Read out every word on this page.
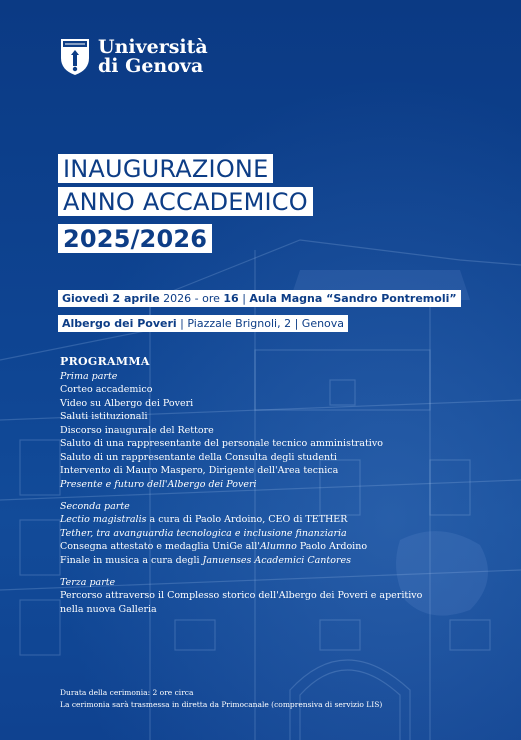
Università
di Genova
INAUGURAZIONE
ANNO ACCADEMICO
2025/2026
Giovedì 2 aprile 2026 - ore 16 | Aula Magna “Sandro Pontremoli”
Albergo dei Poveri | Piazzale Brignoli, 2 | Genova
PROGRAMMA
Prima parte
Corteo accademico
Video su Albergo dei Poveri
Saluti istituzionali
Discorso inaugurale del Rettore
Saluto di una rappresentante del personale tecnico amministrativo
Saluto di un rappresentante della Consulta degli studenti
Intervento di Mauro Maspero, Dirigente dell'Area tecnica
Presente e futuro dell'Albergo dei Poveri
Seconda parte
Lectio magistralis a cura di Paolo Ardoino, CEO di TETHER
Tether, tra avanguardia tecnologica e inclusione finanziaria
Consegna attestato e medaglia UniGe all'Alumno Paolo Ardoino
Finale in musica a cura degli Januenses Academici Cantores
Terza parte
Percorso attraverso il Complesso storico dell'Albergo dei Poveri e aperitivo
nella nuova Galleria
Durata della cerimonia: 2 ore circa
La cerimonia sarà trasmessa in diretta da Primocanale (comprensiva di servizio LIS)
